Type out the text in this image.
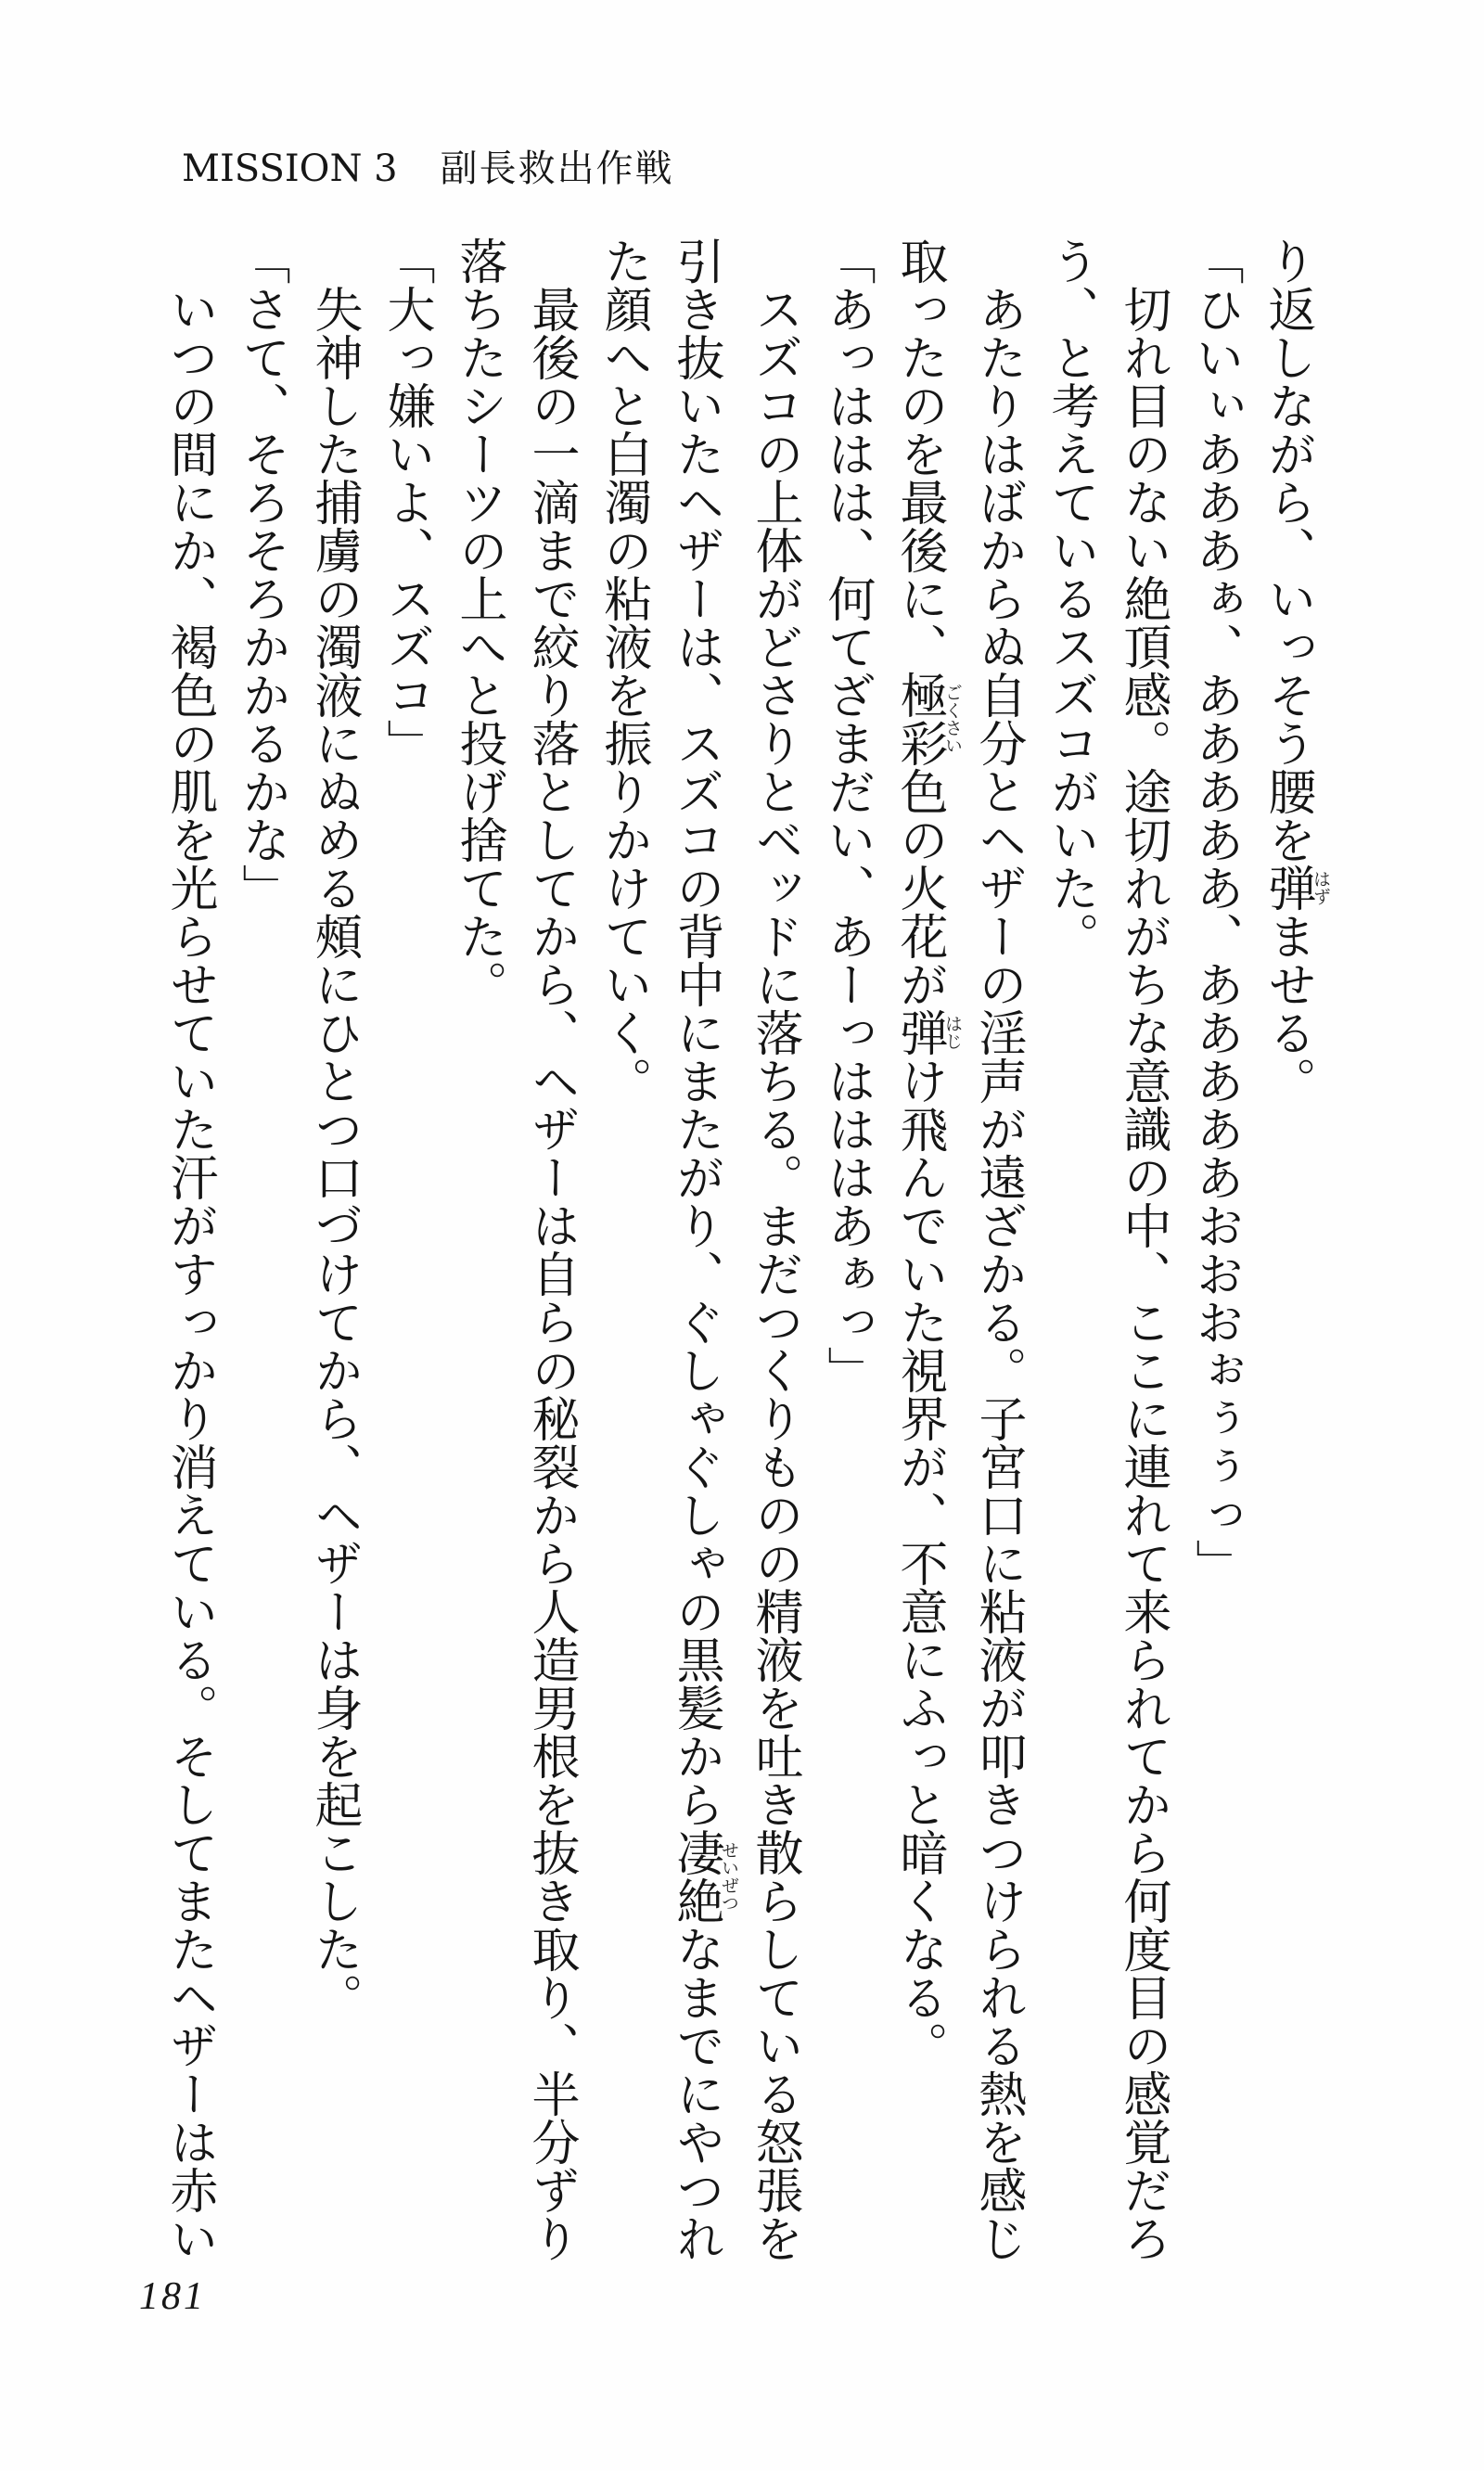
MISSION 3 副長救出作戦
り返しながら、いっそう腰を弾はずませる。
「ひいぃあああぁ、あああああ、あああああおおおぉぅぅっ」
切れ目のない絶頂感。途切れがちな意識の中、ここに連れて来られてから何度目の感覚だろ
う、と考えているスズコがいた。
あたりはばからぬ自分とヘザーの淫声が遠ざかる。子宮口に粘液が叩きつけられる熱を感じ
取ったのを最後に、極彩ごくさい色の火花が弾はじけ飛んでいた視界が、不意にふっと暗くなる。
「あっははは、何てざまだい、あーっはははあぁっ」
スズコの上体がどさりとベッドに落ちる。まだつくりものの精液を吐き散らしている怒張を
引き抜いたヘザーは、スズコの背中にまたがり、ぐしゃぐしゃの黒髪から凄絶せいぜつなまでにやつれ
た顔へと白濁の粘液を振りかけていく。
最後の一滴まで絞り落としてから、ヘザーは自らの秘裂から人造男根を抜き取り、半分ずり
落ちたシーツの上へと投げ捨てた。
「大っ嫌いよ、スズコ」
失神した捕虜の濁液にぬめる頰にひとつ口づけてから、ヘザーは身を起こした。
「さて、そろそろかかるかな」
いつの間にか、褐色の肌を光らせていた汗がすっかり消えている。そしてまたヘザーは赤い
181
